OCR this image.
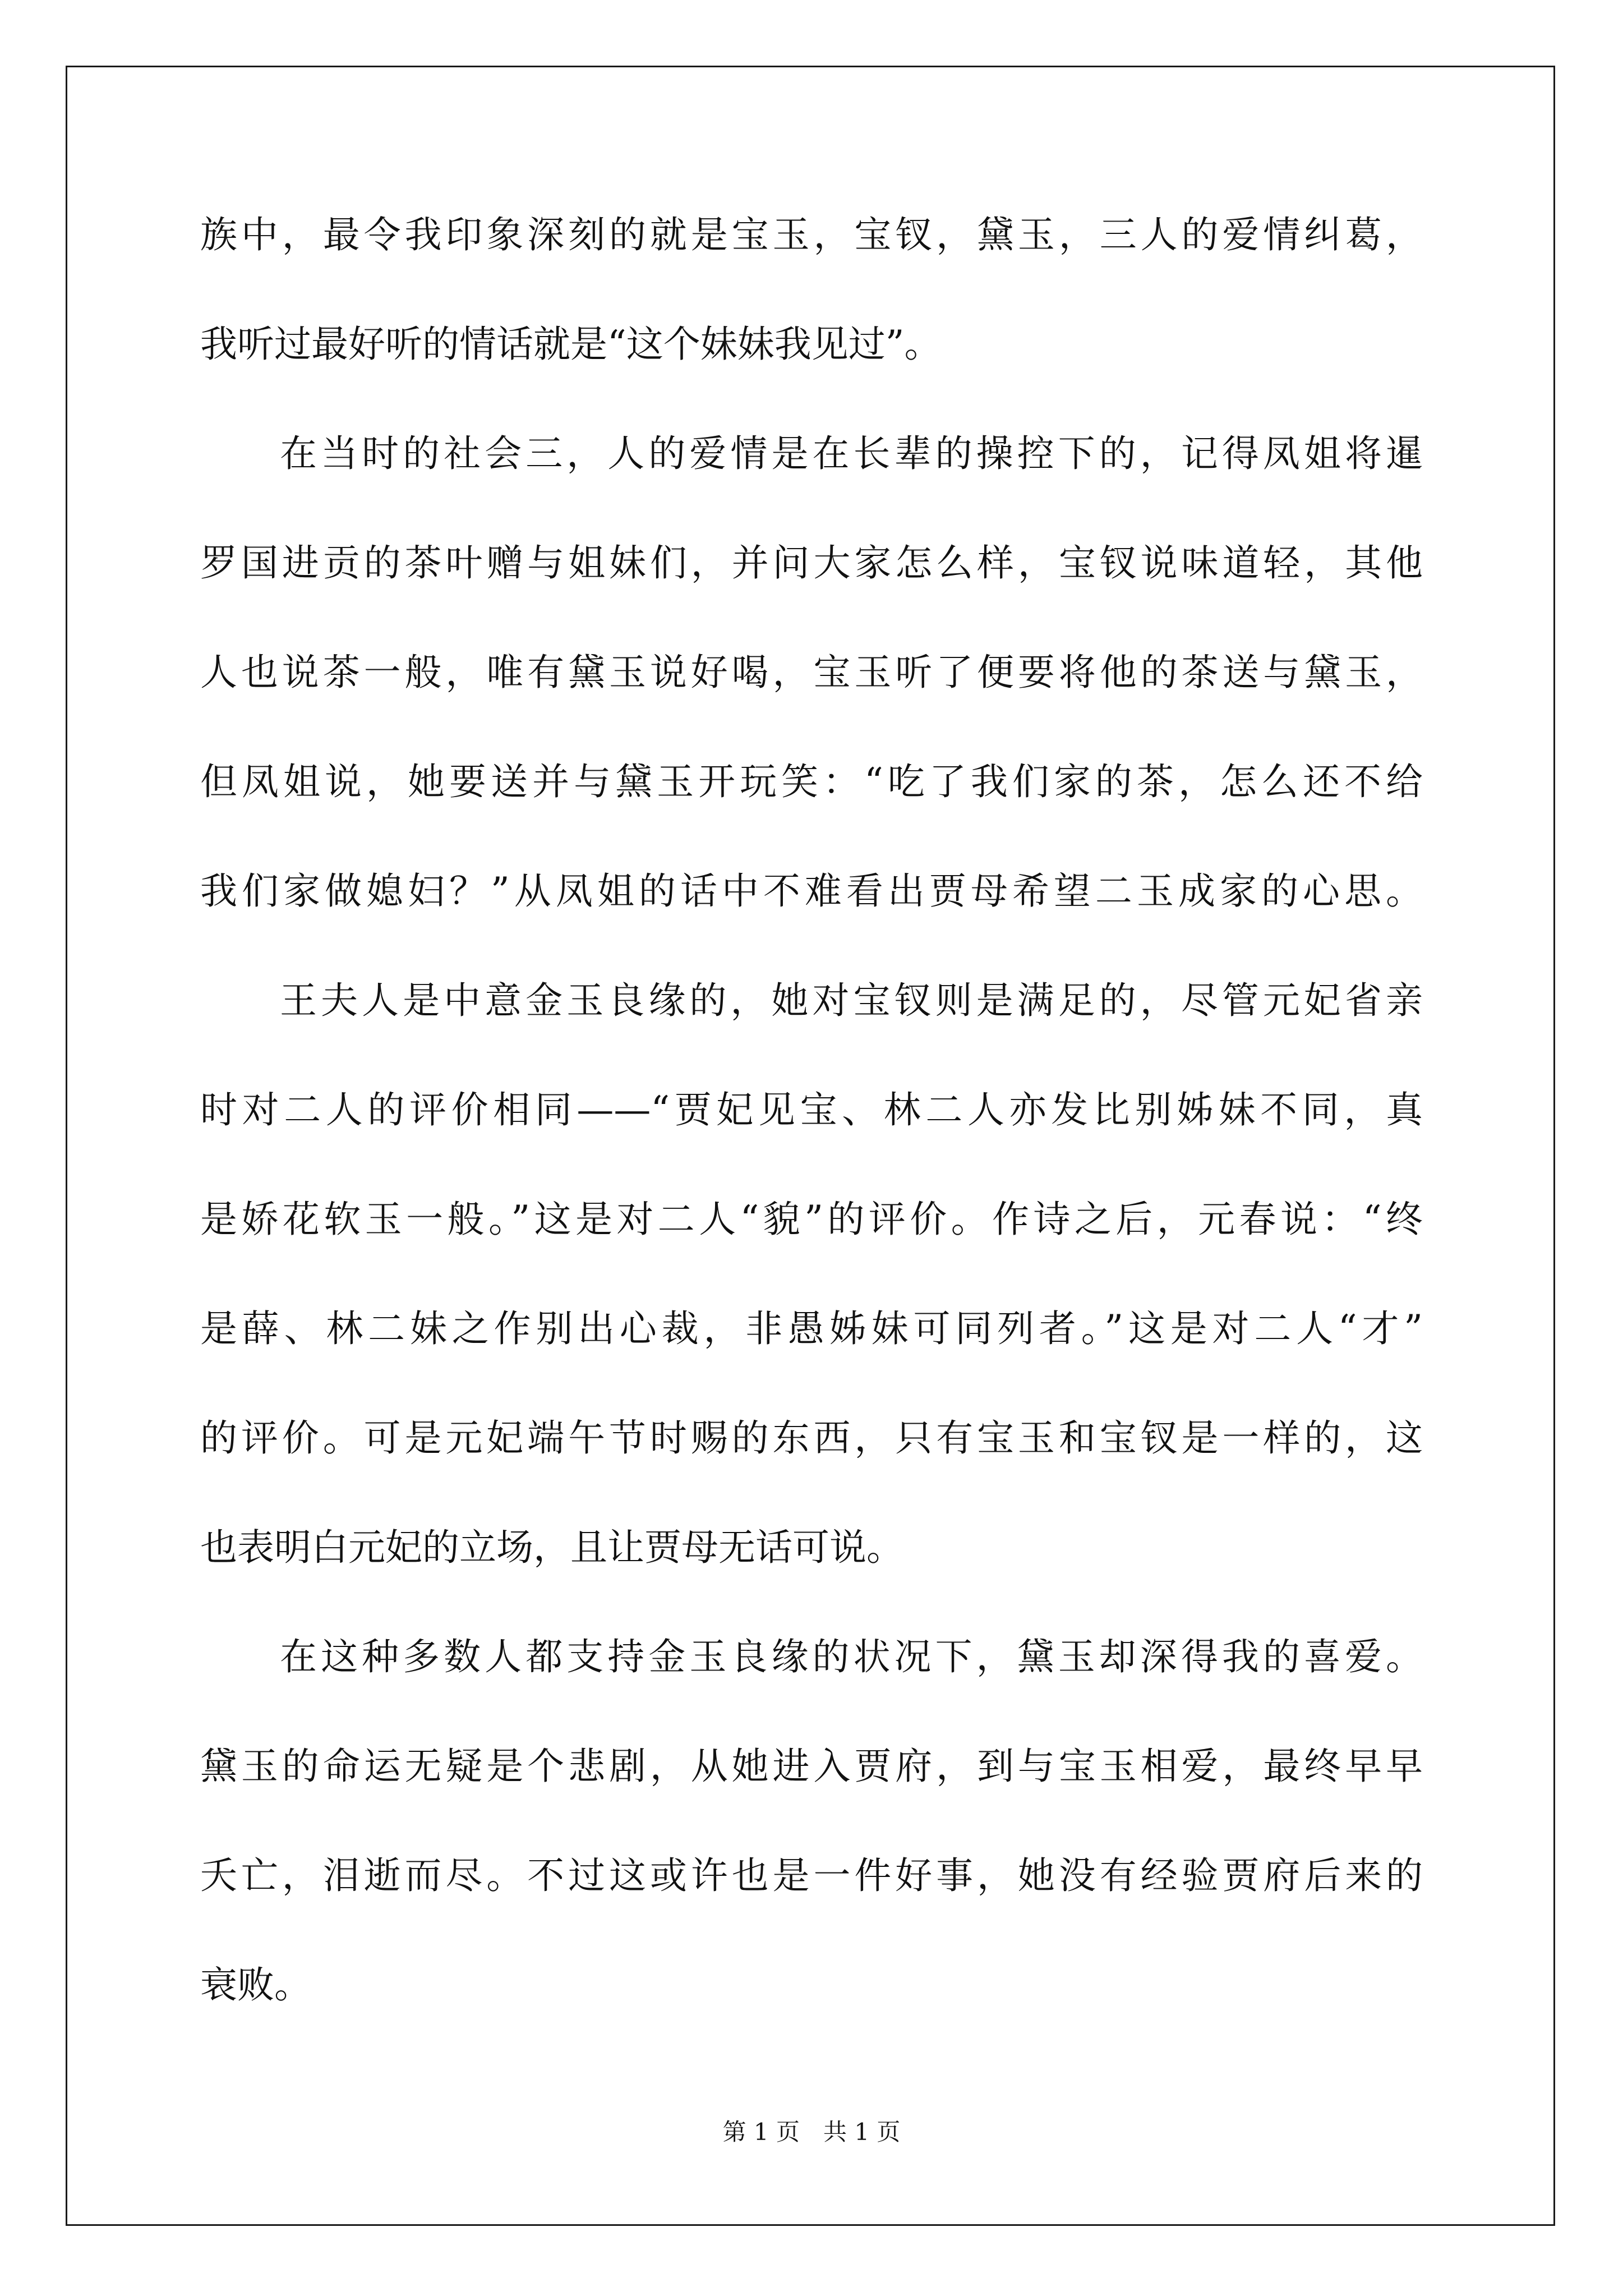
族中，最令我印象深刻的就是宝玉，宝钗，黛玉，三人的爱情纠葛，
我听过最好听的情话就是“这个妹妹我见过”。
在当时的社会三，人的爱情是在长辈的操控下的，记得凤姐将暹
罗国进贡的茶叶赠与姐妹们，并问大家怎么样，宝钗说味道轻，其他
人也说茶一般，唯有黛玉说好喝，宝玉听了便要将他的茶送与黛玉，
但凤姐说，她要送并与黛玉开玩笑：“吃了我们家的茶，怎么还不给
我们家做媳妇？”从凤姐的话中不难看出贾母希望二玉成家的心思。
王夫人是中意金玉良缘的，她对宝钗则是满足的，尽管元妃省亲
时对二人的评价相同——“贾妃见宝、林二人亦发比别姊妹不同，真
是娇花软玉一般。”这是对二人“貌”的评价。作诗之后，元春说：“终
是薛、林二妹之作别出心裁，非愚姊妹可同列者。”这是对二人“才”
的评价。可是元妃端午节时赐的东西，只有宝玉和宝钗是一样的，这
也表明白元妃的立场，且让贾母无话可说。
在这种多数人都支持金玉良缘的状况下，黛玉却深得我的喜爱。
黛玉的命运无疑是个悲剧，从她进入贾府，到与宝玉相爱，最终早早
夭亡，泪逝而尽。不过这或许也是一件好事，她没有经验贾府后来的
衰败。
第 1 页　共 1 页
